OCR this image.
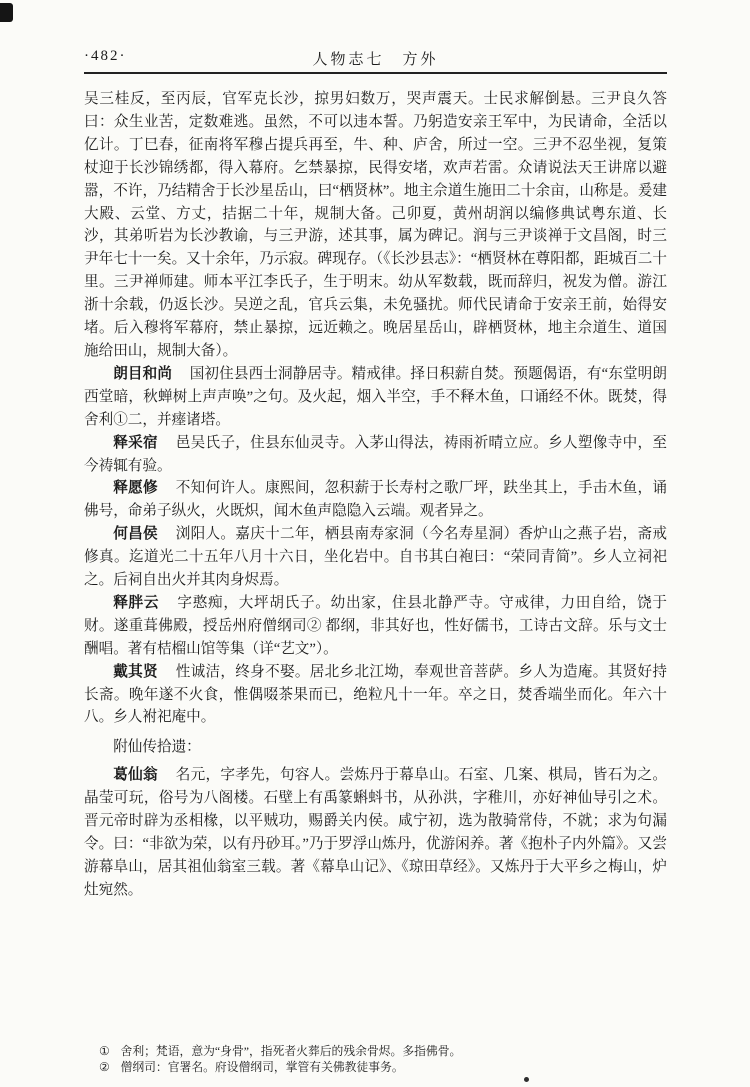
·482·	人物志七　方外

吴三桂反，至丙辰，官军克长沙，掠男妇数万，哭声震天。士民求解倒悬。三尹良久答曰：众生业苦，定数难逃。虽然，不可以违本誓。乃躬造安亲王军中，为民请命，全活以亿计。丁巳春，征南将军穆占提兵再至，牛、种、庐舍，所过一空。三尹不忍坐视，复策杖迎于长沙锦绣都，得入幕府。乞禁暴掠，民得安堵，欢声若雷。众请说法天王讲席以避嚣，不许，乃结精舍于长沙星岳山，曰“栖贤林”。地主佘道生施田二十余亩，山称是。爰建大殿、云堂、方丈，拮据二十年，规制大备。己卯夏，黄州胡润以编修典试粤东道、长沙，其弟听岩为长沙教谕，与三尹游，述其事，属为碑记。润与三尹谈禅于文昌阁，时三尹年七十一矣。又十余年，乃示寂。碑现存。（《长沙县志》：“栖贤林在尊阳都，距城百二十里。三尹禅师建。师本平江李氏子，生于明末。幼从军数载，既而辞归，祝发为僧。游江浙十余载，仍返长沙。吴逆之乱，官兵云集，未免骚扰。师代民请命于安亲王前，始得安堵。后入穆将军幕府，禁止暴掠，远近赖之。晚居星岳山，辟栖贤林，地主佘道生、道国施给田山，规制大备）。

朗目和尚 国初住县西士洞静居寺。精戒律。择日积薪自焚。预题偈语，有“东堂明朗西堂暗，秋蝉树上声声唤”之句。及火起，烟入半空，手不释木鱼，口诵经不休。既焚，得舍利①二，并瘗诸塔。

释采宿 邑吴氏子，住县东仙灵寺。入茅山得法，祷雨祈晴立应。乡人塑像寺中，至今祷辄有验。

释愿修 不知何许人。康熙间，忽积薪于长寿村之歌厂坪，趺坐其上，手击木鱼，诵佛号，命弟子纵火，火既炽，闻木鱼声隐隐入云端。观者异之。

何昌侯 浏阳人。嘉庆十二年，栖县南寿家洞（今名寿星洞）香炉山之燕子岩，斋戒修真。迄道光二十五年八月十六日，坐化岩中。自书其白袍曰：“荣同青简”。乡人立祠祀之。后祠自出火并其肉身烬焉。

释胖云 字憨痴，大坪胡氏子。幼出家，住县北静严寺。守戒律，力田自给，饶于财。遂重葺佛殿，授岳州府僧纲司② 都纲，非其好也，性好儒书，工诗古文辞。乐与文士酬唱。著有桔榴山馆等集（详“艺文”）。

戴其贤 性诚洁，终身不娶。居北乡北江坳，奉观世音菩萨。乡人为造庵。其贤好持长斋。晚年遂不火食，惟偶啜茶果而已，绝粒凡十一年。卒之日，焚香端坐而化。年六十八。乡人袝祀庵中。

附仙传拾遗：

葛仙翁 名元，字孝先，句容人。尝炼丹于幕阜山。石室、几案、棋局，皆石为之。晶莹可玩，俗号为八阁楼。石壁上有禹篆蝌蚪书，从孙洪，字稚川，亦好神仙导引之术。晋元帝时辟为丞相椽，以平贼功，赐爵关内侯。咸宁初，选为散骑常侍，不就；求为句漏令。曰：“非欲为荣，以有丹砂耳。”乃于罗浮山炼丹，优游闲养。著《抱朴子内外篇》。又尝游幕阜山，居其祖仙翁室三载。著《幕阜山记》、《琼田草经》。又炼丹于大平乡之梅山，炉灶宛然。

① 舍利；梵语，意为“身骨”，指死者火葬后的残余骨烬。多指佛骨。

② 僧纲司：官署名。府设僧纲司，掌管有关佛教徒事务。
